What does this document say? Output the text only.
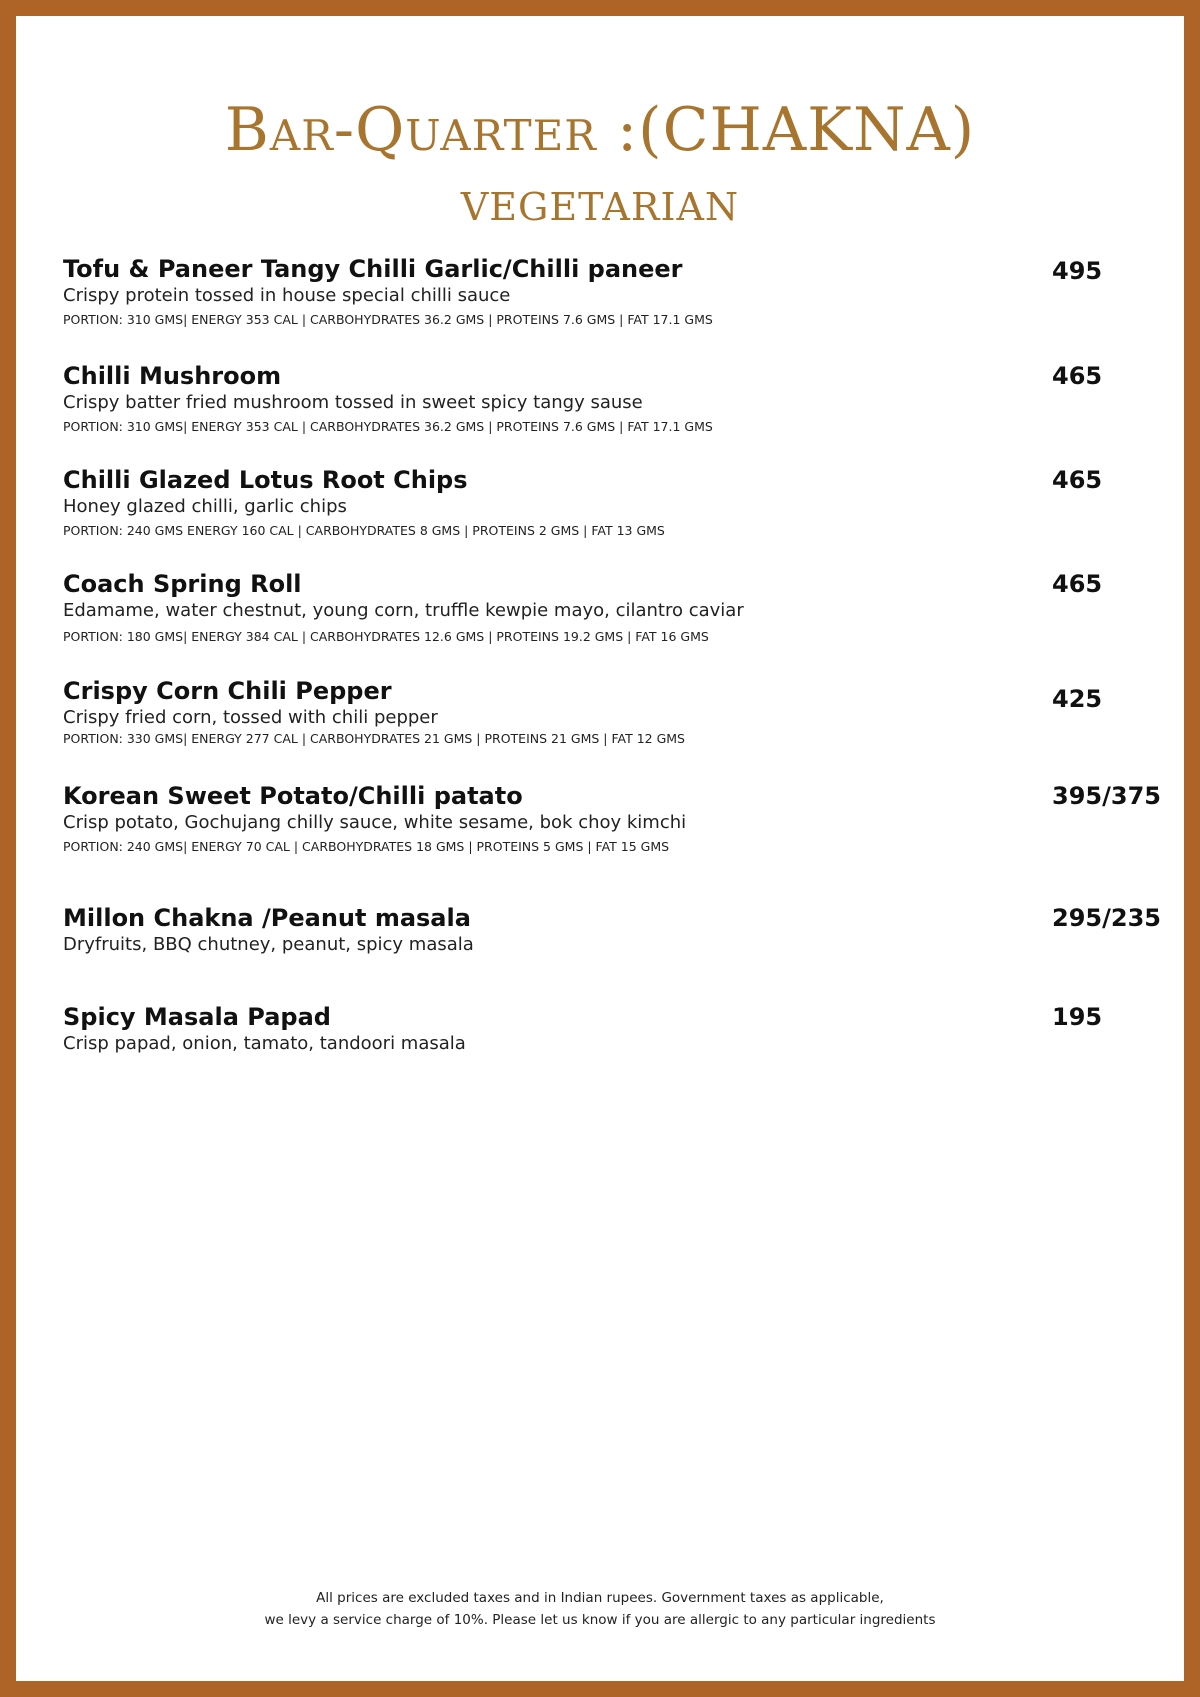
Bar-Quarter :(CHAKNA)
VEGETARIAN
Tofu & Paneer Tangy Chilli Garlic/Chilli paneer	495
Crispy protein tossed in house special chilli sauce
PORTION: 310 GMS| ENERGY 353 CAL | CARBOHYDRATES 36.2 GMS | PROTEINS 7.6 GMS | FAT 17.1 GMS
Chilli Mushroom	465
Crispy batter fried mushroom tossed in sweet spicy tangy sause
PORTION: 310 GMS| ENERGY 353 CAL | CARBOHYDRATES 36.2 GMS | PROTEINS 7.6 GMS | FAT 17.1 GMS
Chilli Glazed Lotus Root Chips	465
Honey glazed chilli, garlic chips
PORTION: 240 GMS ENERGY 160 CAL | CARBOHYDRATES 8 GMS | PROTEINS 2 GMS | FAT 13 GMS
Coach Spring Roll	465
Edamame, water chestnut, young corn, truffle kewpie mayo, cilantro caviar
PORTION: 180 GMS| ENERGY 384 CAL | CARBOHYDRATES 12.6 GMS | PROTEINS 19.2 GMS | FAT 16 GMS
Crispy Corn Chili Pepper	425
Crispy fried corn, tossed with chili pepper
PORTION: 330 GMS| ENERGY 277 CAL | CARBOHYDRATES 21 GMS | PROTEINS 21 GMS | FAT 12 GMS
Korean Sweet Potato/Chilli patato	395/375
Crisp potato, Gochujang chilly sauce, white sesame, bok choy kimchi
PORTION: 240 GMS| ENERGY 70 CAL | CARBOHYDRATES 18 GMS | PROTEINS 5 GMS | FAT 15 GMS
Millon Chakna /Peanut masala	295/235
Dryfruits, BBQ chutney, peanut, spicy masala
Spicy Masala Papad	195
Crisp papad, onion, tamato, tandoori masala
All prices are excluded taxes and in Indian rupees. Government taxes as applicable,
we levy a service charge of 10%. Please let us know if you are allergic to any particular ingredients
